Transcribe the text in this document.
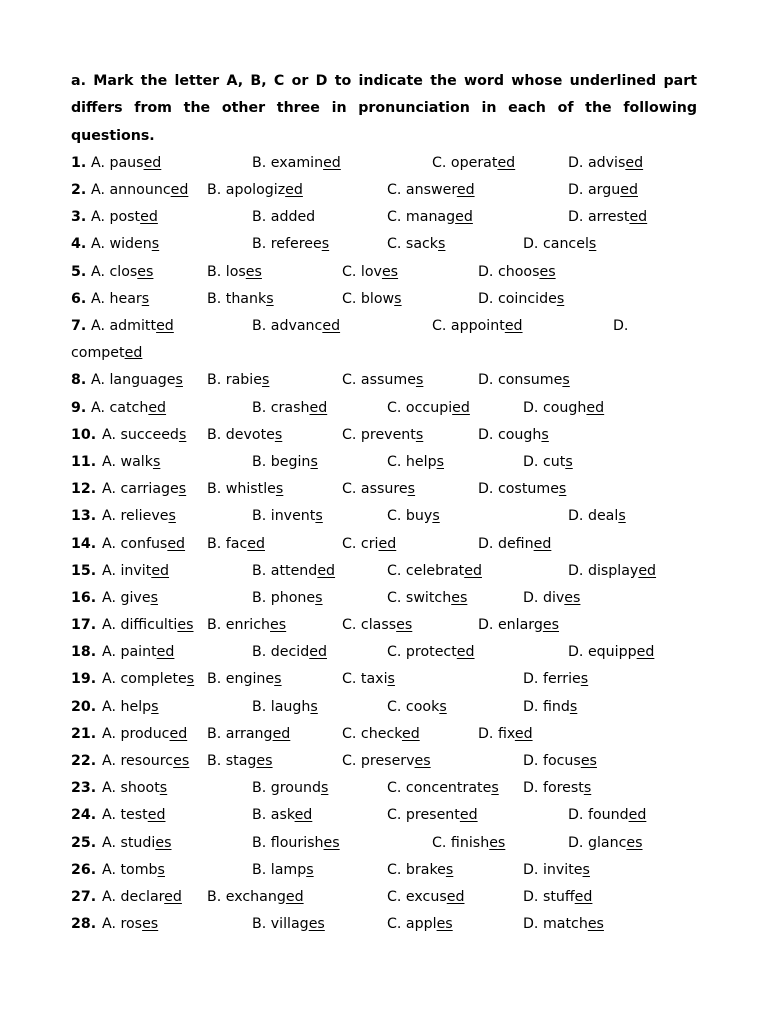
a. Mark the letter A, B, C or D to indicate the word whose underlined part differs from the other three in pronunciation in each of the following questions.

1. A. paused	B. examined	C. operated	D. advised
2. A. announced B. apologized	C. answered	D. argued
3. A. posted	B. added	C. managed	D. arrested
4. A. widens	B. referees	C. sacks	D. cancels
5. A. closes	B. loses	C. loves	D. chooses
6. A. hears	B. thanks	C. blows	D. coincides
7. A. admitted	B. advanced	C. appointed	D.
competed
8. A. languages B. rabies	C. assumes	D. consumes
9. A. catched	B. crashed	C. occupied	D. coughed
10. A. succeeds B. devotes	C. prevents	D. coughs
11. A. walks	B. begins	C. helps	D. cuts
12. A. carriages B. whistles	C. assures	D. costumes
13. A. relieves	B. invents	C. buys	D. deals
14. A. confused B. faced	C. cried	D. defined
15. A. invited	B. attended	C. celebrated	D. displayed
16. A. gives	B. phones	C. switches	D. dives
17. A. difficulties B. enriches	C. classes	D. enlarges
18. A. painted	B. decided	C. protected	D. equipped
19. A. completes B. engines	C. taxis	D. ferries
20. A. helps	B. laughs	C. cooks	D. finds
21. A. produced B. arranged	C. checked	D. fixed
22. A. resources B. stages	C. preserves	D. focuses
23. A. shoots	B. grounds	C. concentrates D. forests
24. A. tested	B. asked	C. presented	D. founded
25. A. studies	B. flourishes	C. finishes	D. glances
26. A. tombs	B. lamps	C. brakes	D. invites
27. A. declared B. exchanged	C. excused	D. stuffed
28. A. roses	B. villages	C. apples	D. matches
